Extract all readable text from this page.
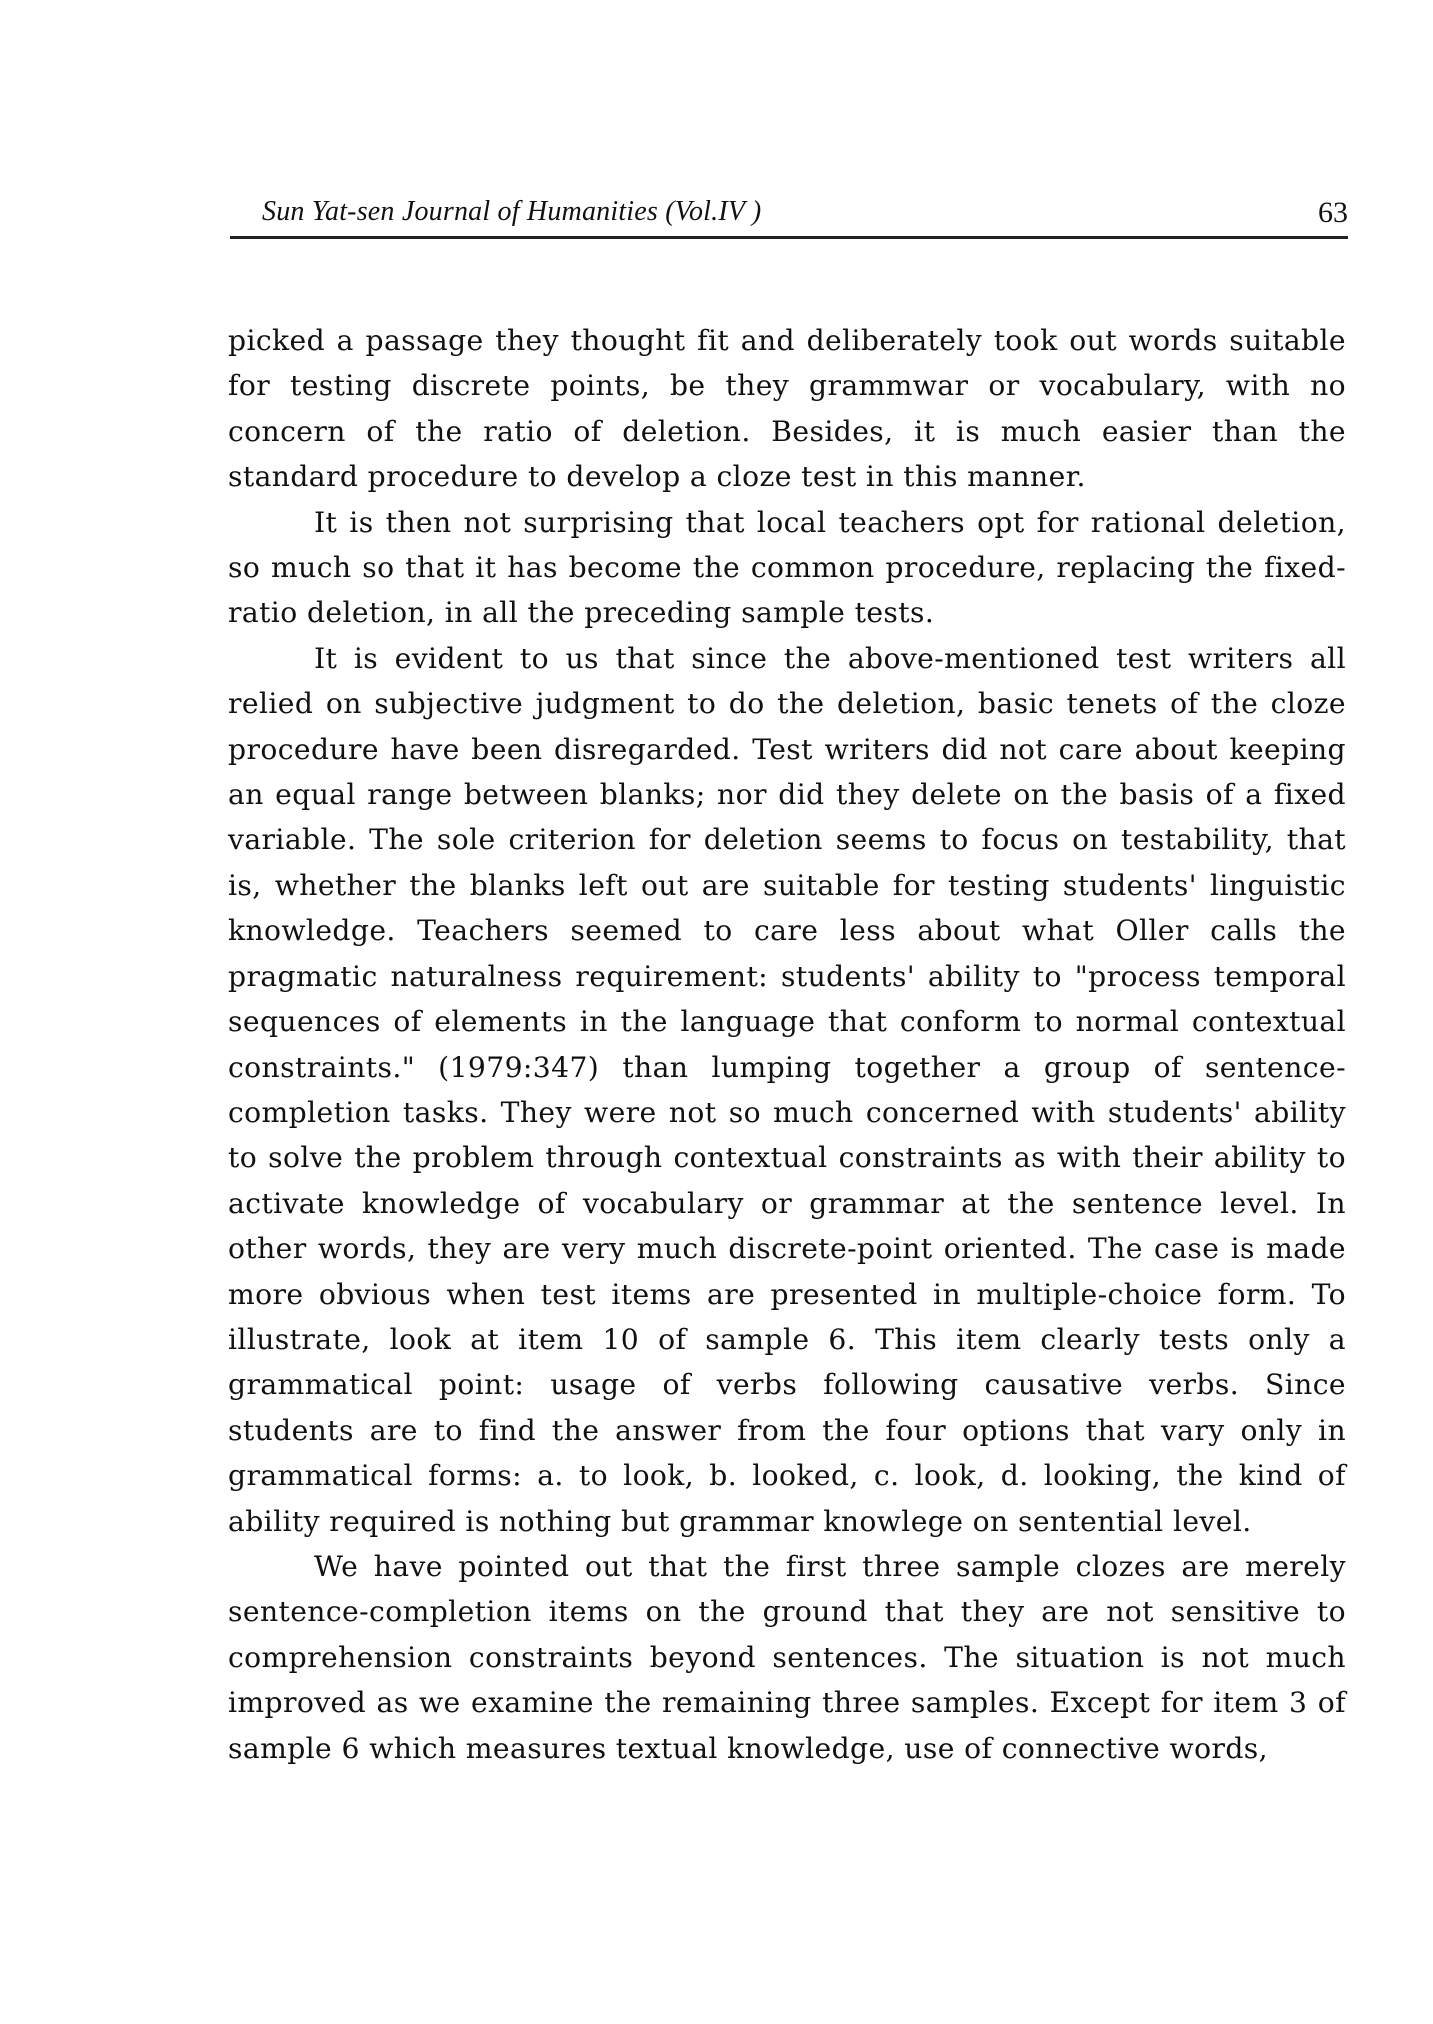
Sun Yat-sen Journal of Humanities (Vol.IV )	63

picked a passage they thought fit and deliberately took out words suitable for testing discrete points, be they grammwar or vocabulary, with no concern of the ratio of deletion. Besides, it is much easier than the standard procedure to develop a cloze test in this manner.

It is then not surprising that local teachers opt for rational deletion, so much so that it has become the common procedure, replacing the fixed-ratio deletion, in all the preceding sample tests.

It is evident to us that since the above-mentioned test writers all relied on subjective judgment to do the deletion, basic tenets of the cloze procedure have been disregarded. Test writers did not care about keeping an equal range between blanks; nor did they delete on the basis of a fixed variable. The sole criterion for deletion seems to focus on testability, that is, whether the blanks left out are suitable for testing students' linguistic knowledge. Teachers seemed to care less about what Oller calls the pragmatic naturalness requirement: students' ability to "process temporal sequences of elements in the language that conform to normal contextual constraints." (1979:347) than lumping together a group of sentence-completion tasks. They were not so much concerned with students' ability to solve the problem through contextual constraints as with their ability to activate knowledge of vocabulary or grammar at the sentence level. In other words, they are very much discrete-point oriented. The case is made more obvious when test items are presented in multiple-choice form. To illustrate, look at item 10 of sample 6. This item clearly tests only a grammatical point: usage of verbs following causative verbs. Since students are to find the answer from the four options that vary only in grammatical forms: a. to look, b. looked, c. look, d. looking, the kind of ability required is nothing but grammar knowlege on sentential level.

We have pointed out that the first three sample clozes are merely sentence-completion items on the ground that they are not sensitive to comprehension constraints beyond sentences. The situation is not much improved as we examine the remaining three samples. Except for item 3 of sample 6 which measures textual knowledge, use of connective words,
